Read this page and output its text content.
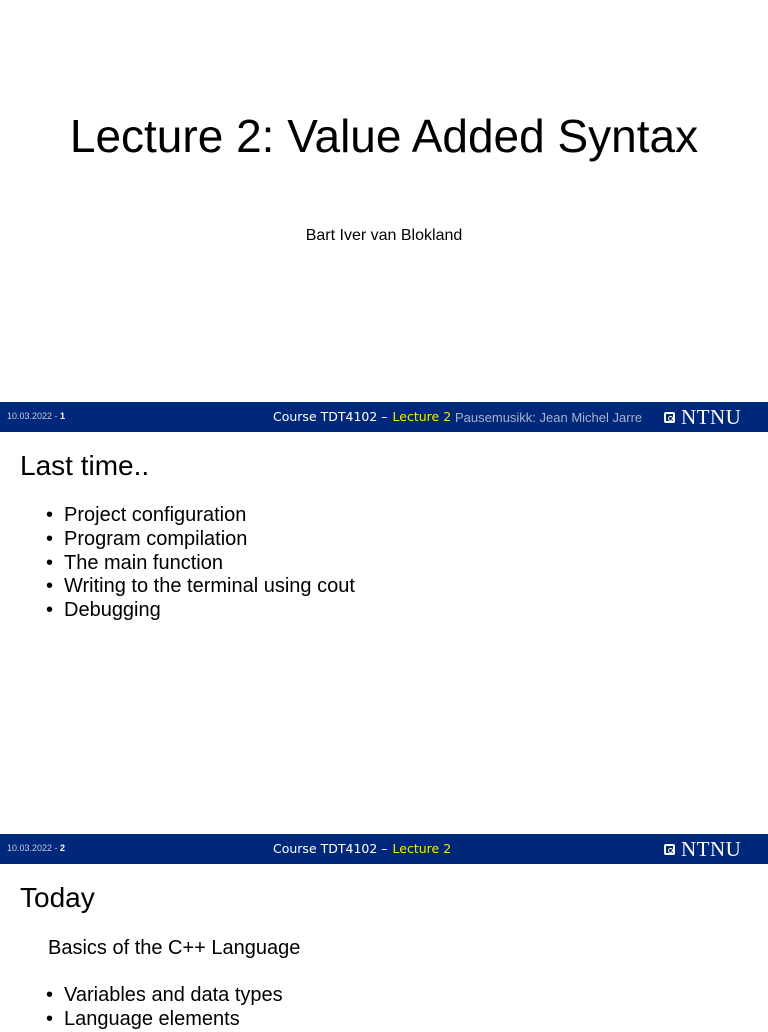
Lecture 2: Value Added Syntax
Bart Iver van Blokland
10.03.2022 - 1	Course TDT4102 – Lecture 2 Pausemusikk: Jean Michel Jarre NTNU
Last time..
• Project configuration
• Program compilation
• The main function
• Writing to the terminal using cout
• Debugging
10.03.2022 - 2	Course TDT4102 – Lecture 2	NTNU
Today
Basics of the C++ Language
• Variables and data types
• Language elements
